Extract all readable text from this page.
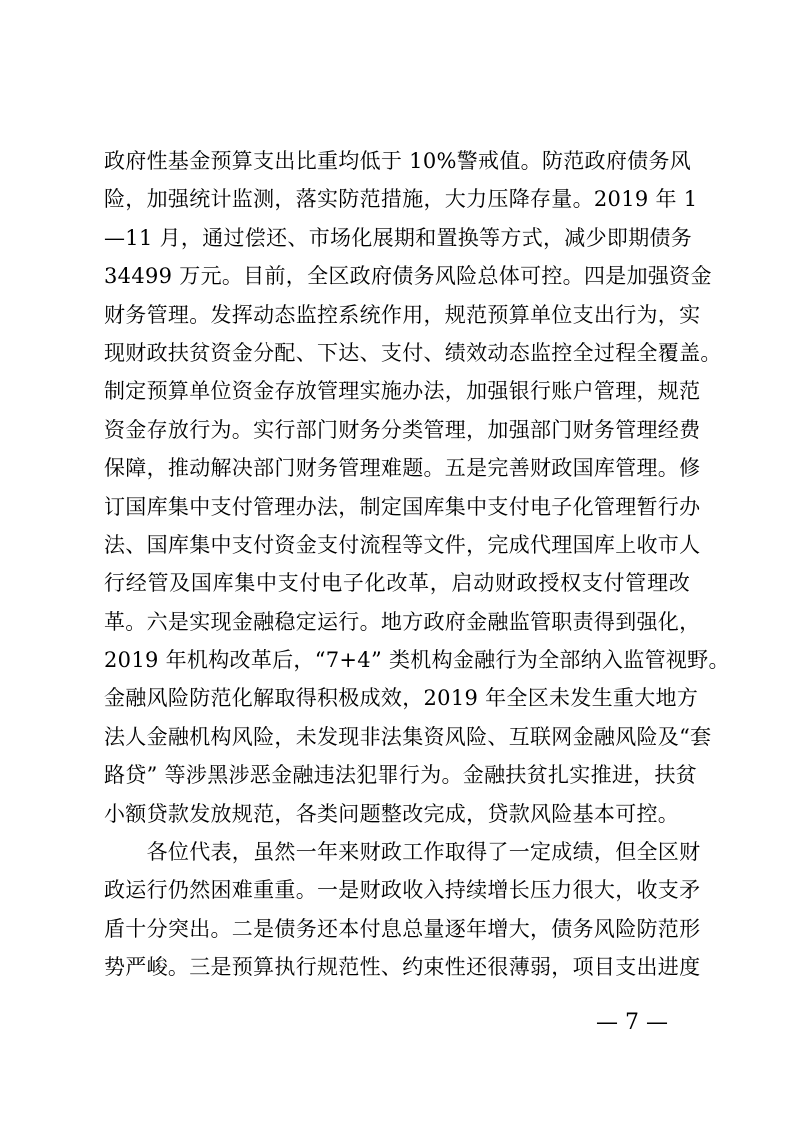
政府性基金预算支出比重均低于 10%警戒值。防范政府债务风
险，加强统计监测，落实防范措施，大力压降存量。2019 年 1
—11 月，通过偿还、市场化展期和置换等方式，减少即期债务
34499 万元。目前，全区政府债务风险总体可控。四是加强资金
财务管理。发挥动态监控系统作用，规范预算单位支出行为，实
现财政扶贫资金分配、下达、支付、绩效动态监控全过程全覆盖。
制定预算单位资金存放管理实施办法，加强银行账户管理，规范
资金存放行为。实行部门财务分类管理，加强部门财务管理经费
保障，推动解决部门财务管理难题。五是完善财政国库管理。修
订国库集中支付管理办法，制定国库集中支付电子化管理暂行办
法、国库集中支付资金支付流程等文件，完成代理国库上收市人
行经管及国库集中支付电子化改革，启动财政授权支付管理改
革。六是实现金融稳定运行。地方政府金融监管职责得到强化，
2019 年机构改革后，“7+4” 类机构金融行为全部纳入监管视野。
金融风险防范化解取得积极成效，2019 年全区未发生重大地方
法人金融机构风险，未发现非法集资风险、互联网金融风险及“套
路贷” 等涉黑涉恶金融违法犯罪行为。金融扶贫扎实推进，扶贫
小额贷款发放规范，各类问题整改完成，贷款风险基本可控。
　　各位代表，虽然一年来财政工作取得了一定成绩，但全区财
政运行仍然困难重重。一是财政收入持续增长压力很大，收支矛
盾十分突出。二是债务还本付息总量逐年增大，债务风险防范形
势严峻。三是预算执行规范性、约束性还很薄弱，项目支出进度
— 7 —
